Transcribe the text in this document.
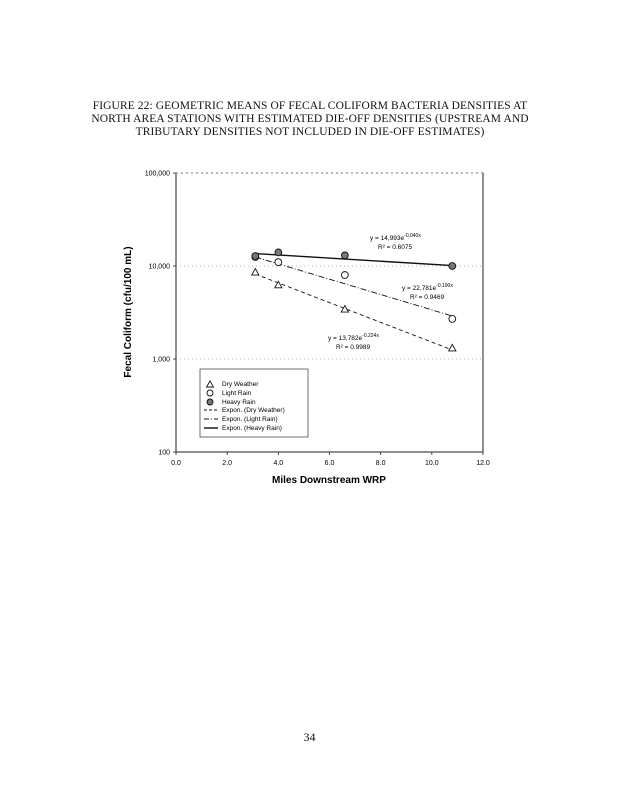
FIGURE 22: GEOMETRIC MEANS OF FECAL COLIFORM BACTERIA DENSITIES AT
NORTH AREA STATIONS WITH ESTIMATED DIE-OFF DENSITIES (UPSTREAM AND
TRIBUTARY DENSITIES NOT INCLUDED IN DIE-OFF ESTIMATES)
100
1,000
10,000
100,000
0.0	2.0	4.0	6.0	8.0	10.0	12.0
Miles Downstream WRP
Fecal Coliform (cfu/100 mL)
$y = 14,993e^{-0.040x}$
R² = 0.6075
$y = 22,781e^{-0.190x}$
R² = 0.9469
$y = 13,782e^{-0.224x}$
R² = 0.9989
Dry Weather
Light Rain
Heavy Rain
Expon. (Dry Weather)
Expon. (Light Rain)
Expon. (Heavy Rain)
34
